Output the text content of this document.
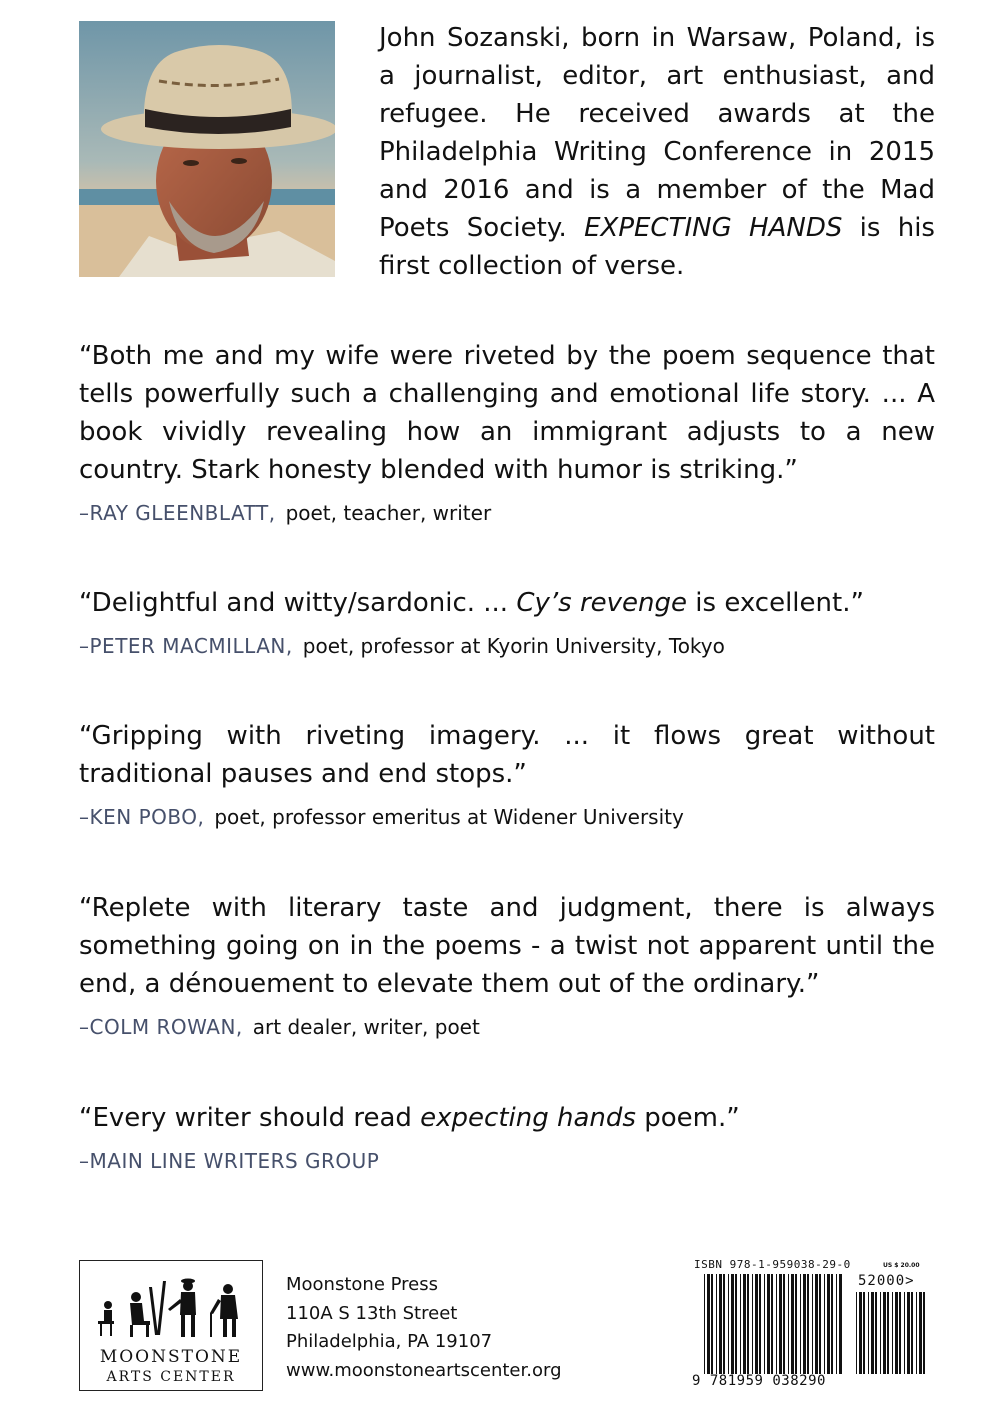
John Sozanski, born in Warsaw, Poland, is a journalist, editor, art enthusiast, and refugee. He received awards at the Philadelphia Writing Conference in 2015 and 2016 and is a member of the Mad Poets Society. EXPECTING HANDS is his first collection of verse.

“Both me and my wife were riveted by the poem sequence that tells powerfully such a challenging and emotional life story. ... A book vividly revealing how an immigrant adjusts to a new country. Stark honesty blended with humor is striking.”

–RAY GLEENBLATT, poet, teacher, writer

“Delightful and witty/sardonic. ... Cy’s revenge is excellent.”

–PETER MACMILLAN, poet, professor at Kyorin University, Tokyo

“Gripping with riveting imagery. ... it flows great without traditional pauses and end stops.”

–KEN POBO, poet, professor emeritus at Widener University

“Replete with literary taste and judgment, there is always something going on in the poems - a twist not apparent until the end, a dénouement to elevate them out of the ordinary.”

–COLM ROWAN, art dealer, writer, poet

“Every writer should read expecting hands poem.”

–MAIN LINE WRITERS GROUP
MOONSTONE
ARTS CENTER
Moonstone Press
110A S 13th Street
Philadelphia, PA 19107
www.moonstoneartscenter.org
ISBN 978-1-959038-29-0	US $ 20.00
52000>
9 781959 038290
